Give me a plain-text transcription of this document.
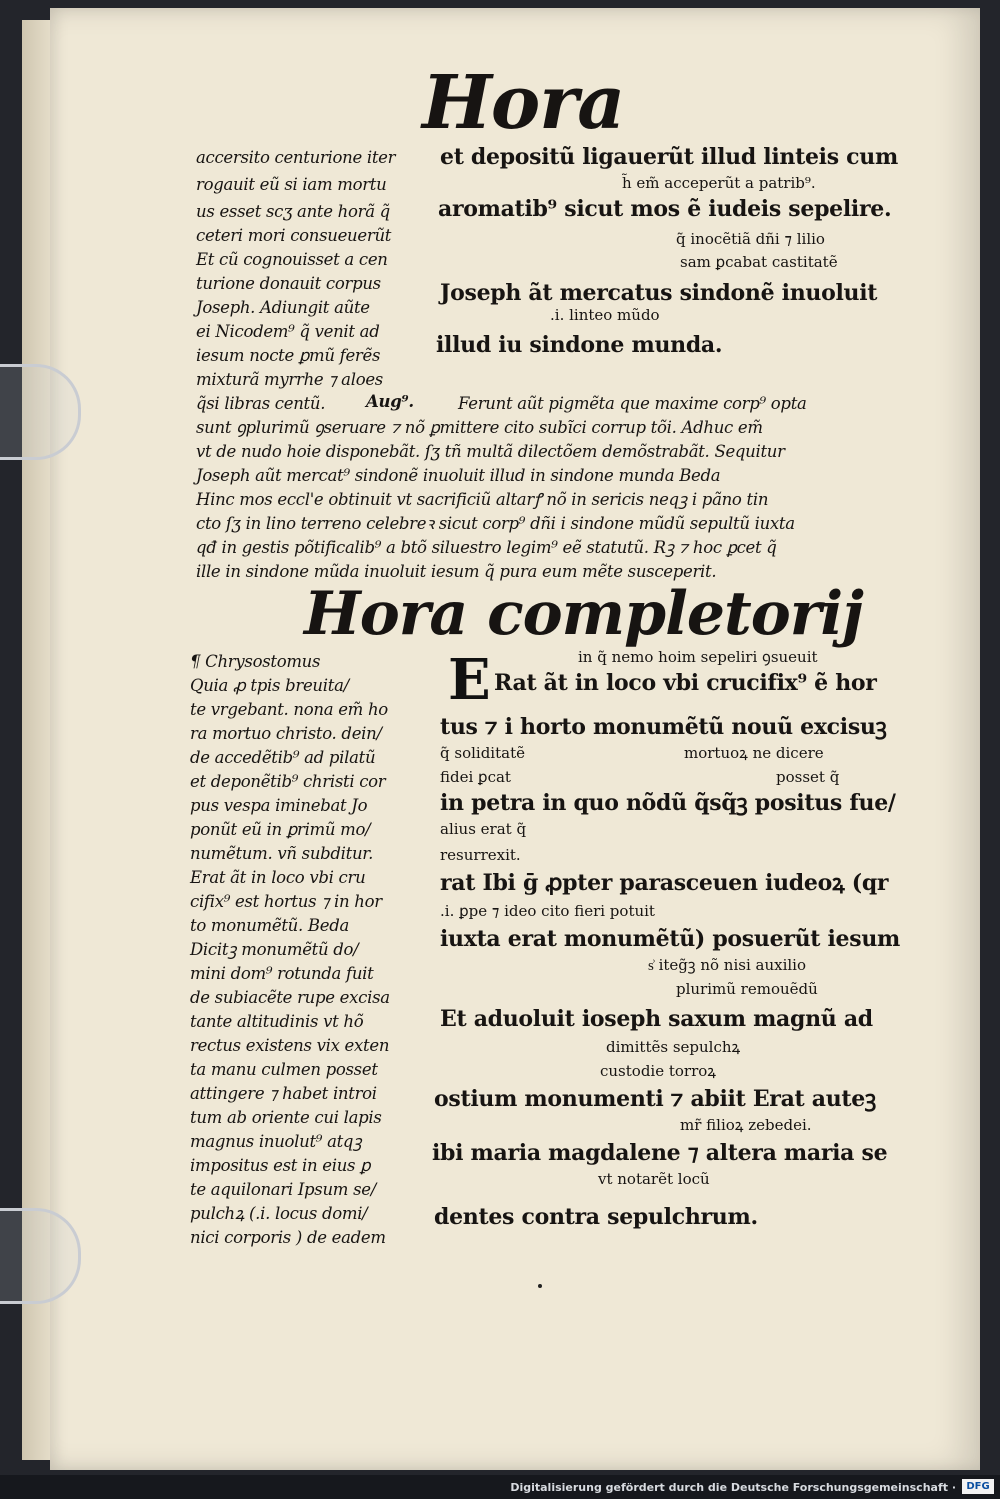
Hora
accersito centurione iter
rogauit eũ si iam mortu
us esset scʒ ante horã q̃
ceteri mori consueuerũt
Et cũ cognouisset a cen
turione donauit corpus
Joseph. Adiungit aũte
ei Nicodem⁹ q̃ venit ad
iesum nocte ꝑmũ ferẽs
mixturã myrrhe ⁊ aloes
q̃si libras centũ.
et depositũ ligauerũt illud linteis cum
h̃ em̃ acceperũt a patrib⁹.
aromatib⁹ sicut mos ẽ iudeis sepelire.
q̃ inocẽtiã dñi ⁊ lilio
sam ꝑcabat castitatẽ
Joseph ãt mercatus sindonẽ inuoluit
.i. linteo mũdo
illud iu sindone munda.
Aug⁹.	Ferunt aũt pigmẽta que maxime corp⁹ opta
sunt ꝯplurimũ ꝯseruare ⁊ nõ ꝑmittere cito subĩci corrup tõi. Adhuc em̃
vt de nudo hoie disponebãt. ſʒ tñ multã dilectõem demõstrabãt. Sequitur
Joseph aũt mercat⁹ sindonẽ inuoluit illud in sindone munda Beda
Hinc mos eccl'e obtinuit vt sacrificiũ altarꝭ nõ in sericis neqꝫ i pãno tin
cto ſʒ in lino terreno celebreꝛ sicut corp⁹ dñi i sindone mũdũ sepultũ iuxta
qđ in gestis põtificalib⁹ a btõ siluestro legim⁹ eẽ statutũ. Rꝫ ⁊ hoc ꝑcet q̃
ille in sindone mũda inuoluit iesum q̃ pura eum mẽte susceperit.
Hora completorij
¶ Chrysostomus
Quia ꝓ tpis breuita/
te vrgebant. nona em̃ ho
ra mortuo christo. dein/
de accedẽtib⁹ ad pilatũ
et deponẽtib⁹ christi cor
pus vespa iminebat Jo
ponũt eũ in ꝑrimũ mo/
numẽtum. vñ subditur.
Erat ãt in loco vbi cru
cifix⁹ est hortus ⁊ in hor
to monumẽtũ. Beda
Dicitꝫ monumẽtũ do/
mini dom⁹ rotunda fuit
de subiacẽte rupe excisa
tante altitudinis vt hõ
rectus existens vix exten
ta manu culmen posset
attingere ⁊ habet introi
tum ab oriente cui lapis
magnus inuolut⁹ atqꝫ
impositus est in eius ꝑ
te aquilonari Ipsum se/
pulchꝝ (.i. locus domi/
nici corporis ) de eadem
in q̃ nemo hoim sepeliri ꝯsueuit
E Rat ãt in loco vbi crucifix⁹ ẽ hor
tus ⁊ i horto monumẽtũ nouũ excisuꝫ
q̃ soliditatẽ	mortuoꝝ ne dicere
fidei ꝑcat	posset q̃
in petra in quo nõdũ q̃sq̃ꝫ positus fue/
alius erat q̃
resurrexit.
rat Ibi ḡ ꝓpter parasceuen iudeoꝝ (qr
.i. ꝑpe ⁊ ideo cito fieri potuit
iuxta erat monumẽtũ) posuerũt iesum
s͗ iteg̃ꝫ nõ nisi auxilio
plurimũ remouẽdũ
Et aduoluit ioseph saxum magnũ ad
dimittẽs sepulchꝝ
custodie torroꝝ
ostium monumenti ⁊ abiit Erat auteꝫ
mr̃ filioꝝ zebedei.
ibi maria magdalene ⁊ altera maria se
vt notarẽt locũ
dentes contra sepulchrum.
Digitalisierung gefördert durch die Deutsche Forschungsgemeinschaft ·	DFG
